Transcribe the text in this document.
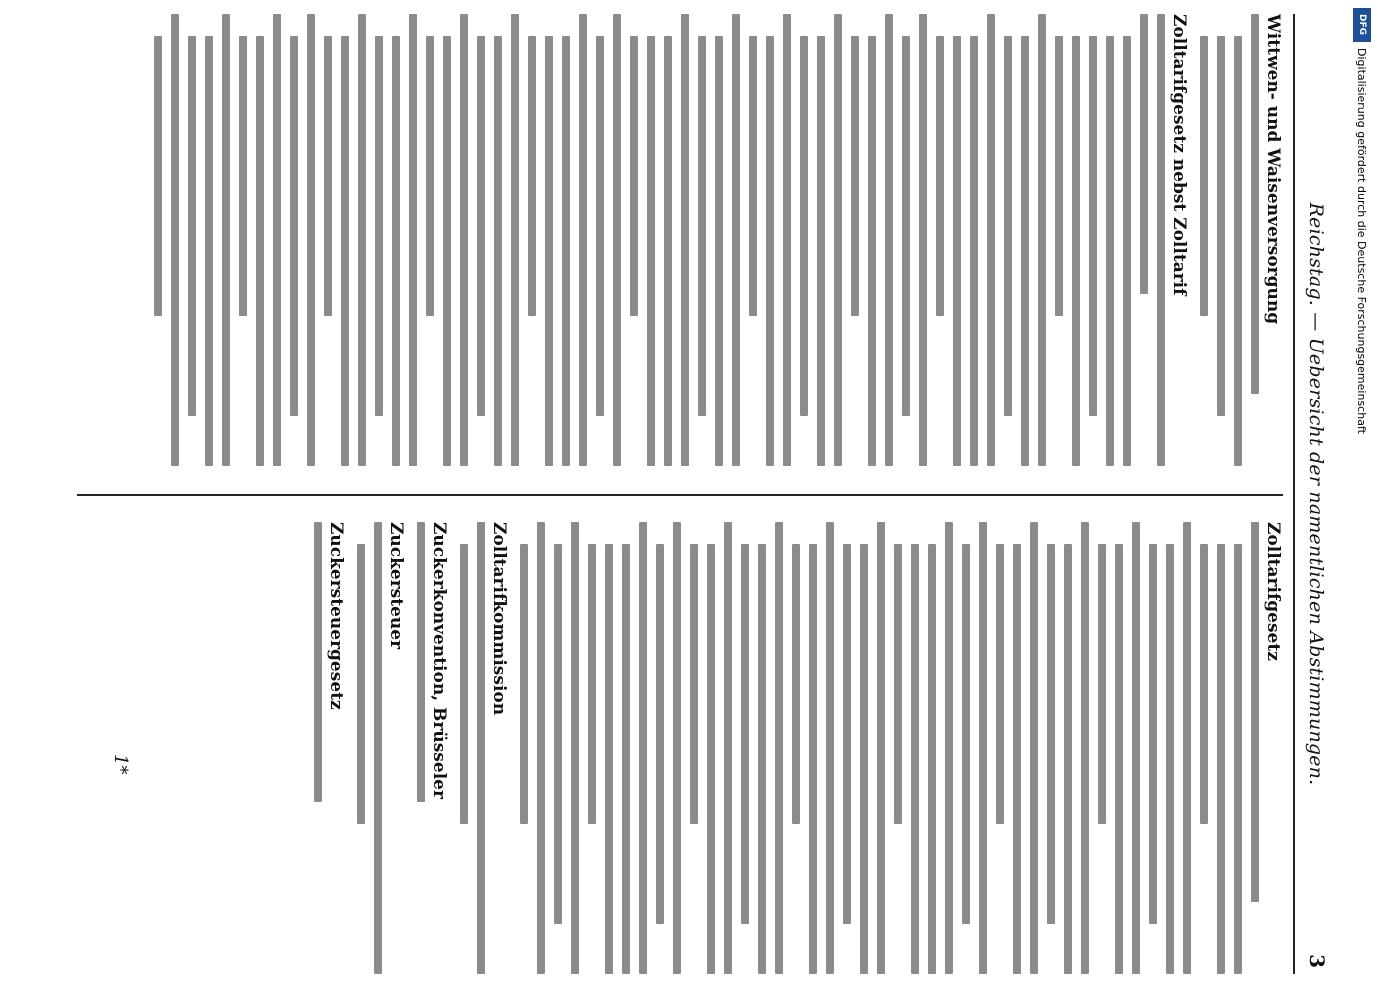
Reichstag. — Uebersicht der namentlichen Abstimmungen.
3
Wittwen- und Waisenversorgung
Zolltarifgesetz nebst Zolltarif
Zolltarifgesetz
Zolltarifkommission
Zuckerkonvention, Brüsseler
Zuckersteuer
Zuckersteuergesetz
1*
DFG
Digitalisierung gefördert durch die Deutsche Forschungsgemeinschaft
